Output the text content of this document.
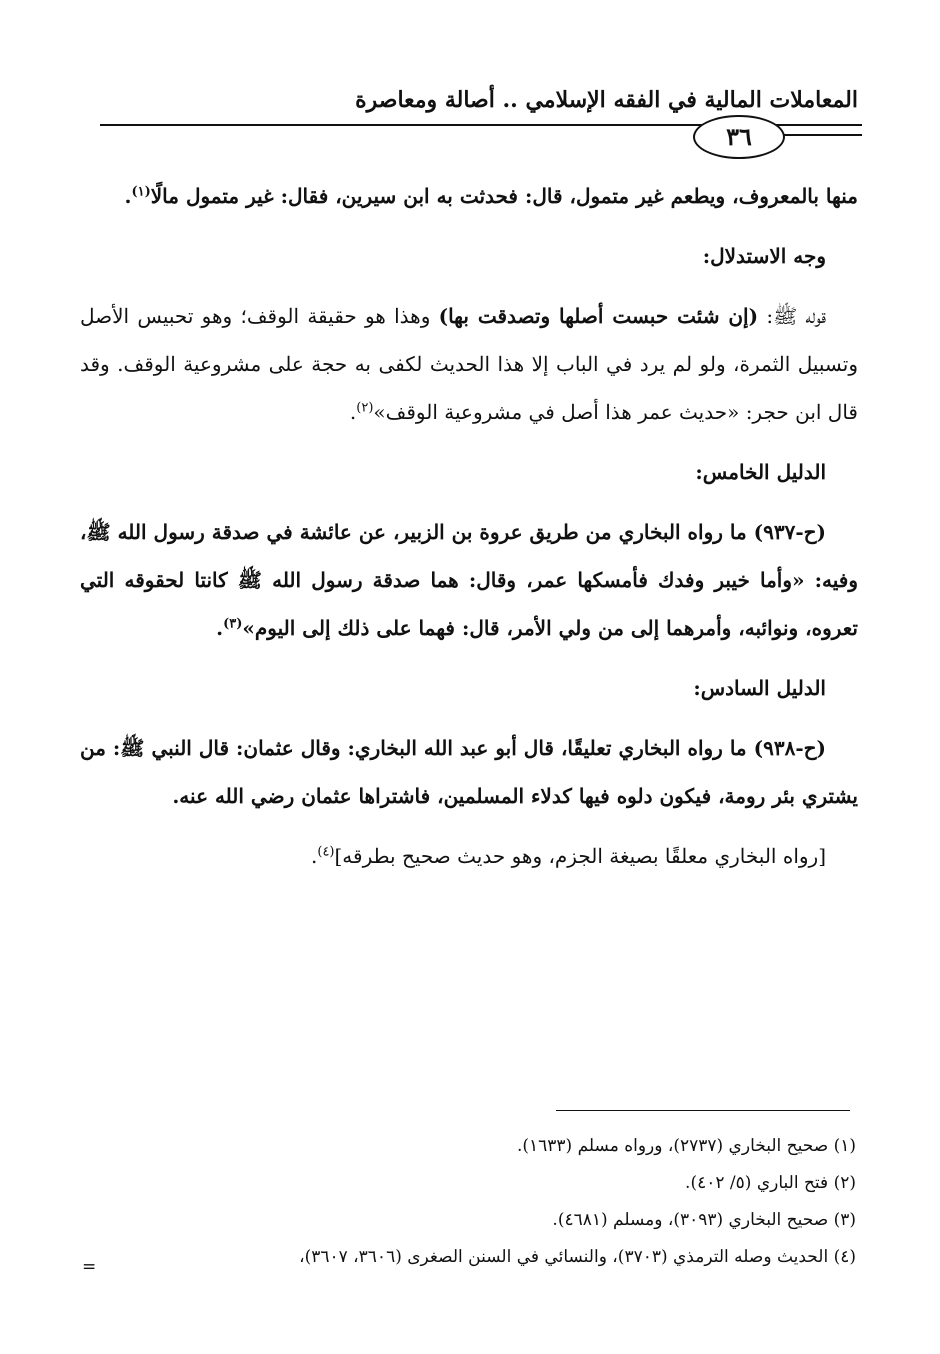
المعاملات المالية في الفقه الإسلامي .. أصالة ومعاصرة
٣٦

منها بالمعروف، ويطعم غير متمول، قال: فحدثت به ابن سيرين، فقال: غير متمول مالًا$^{(١)}$.

وجه الاستدلال:

قوله ﷺ: (إن شئت حبست أصلها وتصدقت بها) وهذا هو حقيقة الوقف؛ وهو تحبيس الأصل وتسبيل الثمرة، ولو لم يرد في الباب إلا هذا الحديث لكفى به حجة على مشروعية الوقف. وقد قال ابن حجر: «حديث عمر هذا أصل في مشروعية الوقف»$^{(٢)}$.

الدليل الخامس:

(ح-٩٣٧) ما رواه البخاري من طريق عروة بن الزبير، عن عائشة في صدقة رسول الله ﷺ، وفيه: «وأما خيبر وفدك فأمسكها عمر، وقال: هما صدقة رسول الله ﷺ كانتا لحقوقه التي تعروه، ونوائبه، وأمرهما إلى من ولي الأمر، قال: فهما على ذلك إلى اليوم»$^{(٣)}$.

الدليل السادس:

(ح-٩٣٨) ما رواه البخاري تعليقًا، قال أبو عبد الله البخاري: وقال عثمان: قال النبي ﷺ: من يشتري بئر رومة، فيكون دلوه فيها كدلاء المسلمين، فاشتراها عثمان رضي الله عنه.

[رواه البخاري معلقًا بصيغة الجزم، وهو حديث صحيح بطرقه]$^{(٤)}$.

(١) صحيح البخاري (٢٧٣٧)، ورواه مسلم (١٦٣٣).
(٢) فتح الباري (٥/ ٤٠٢).
(٣) صحيح البخاري (٣٠٩٣)، ومسلم (٤٦٨١).
(٤) الحديث وصله الترمذي (٣٧٠٣)، والنسائي في السنن الصغرى (٣٦٠٦، ٣٦٠٧)،
=
